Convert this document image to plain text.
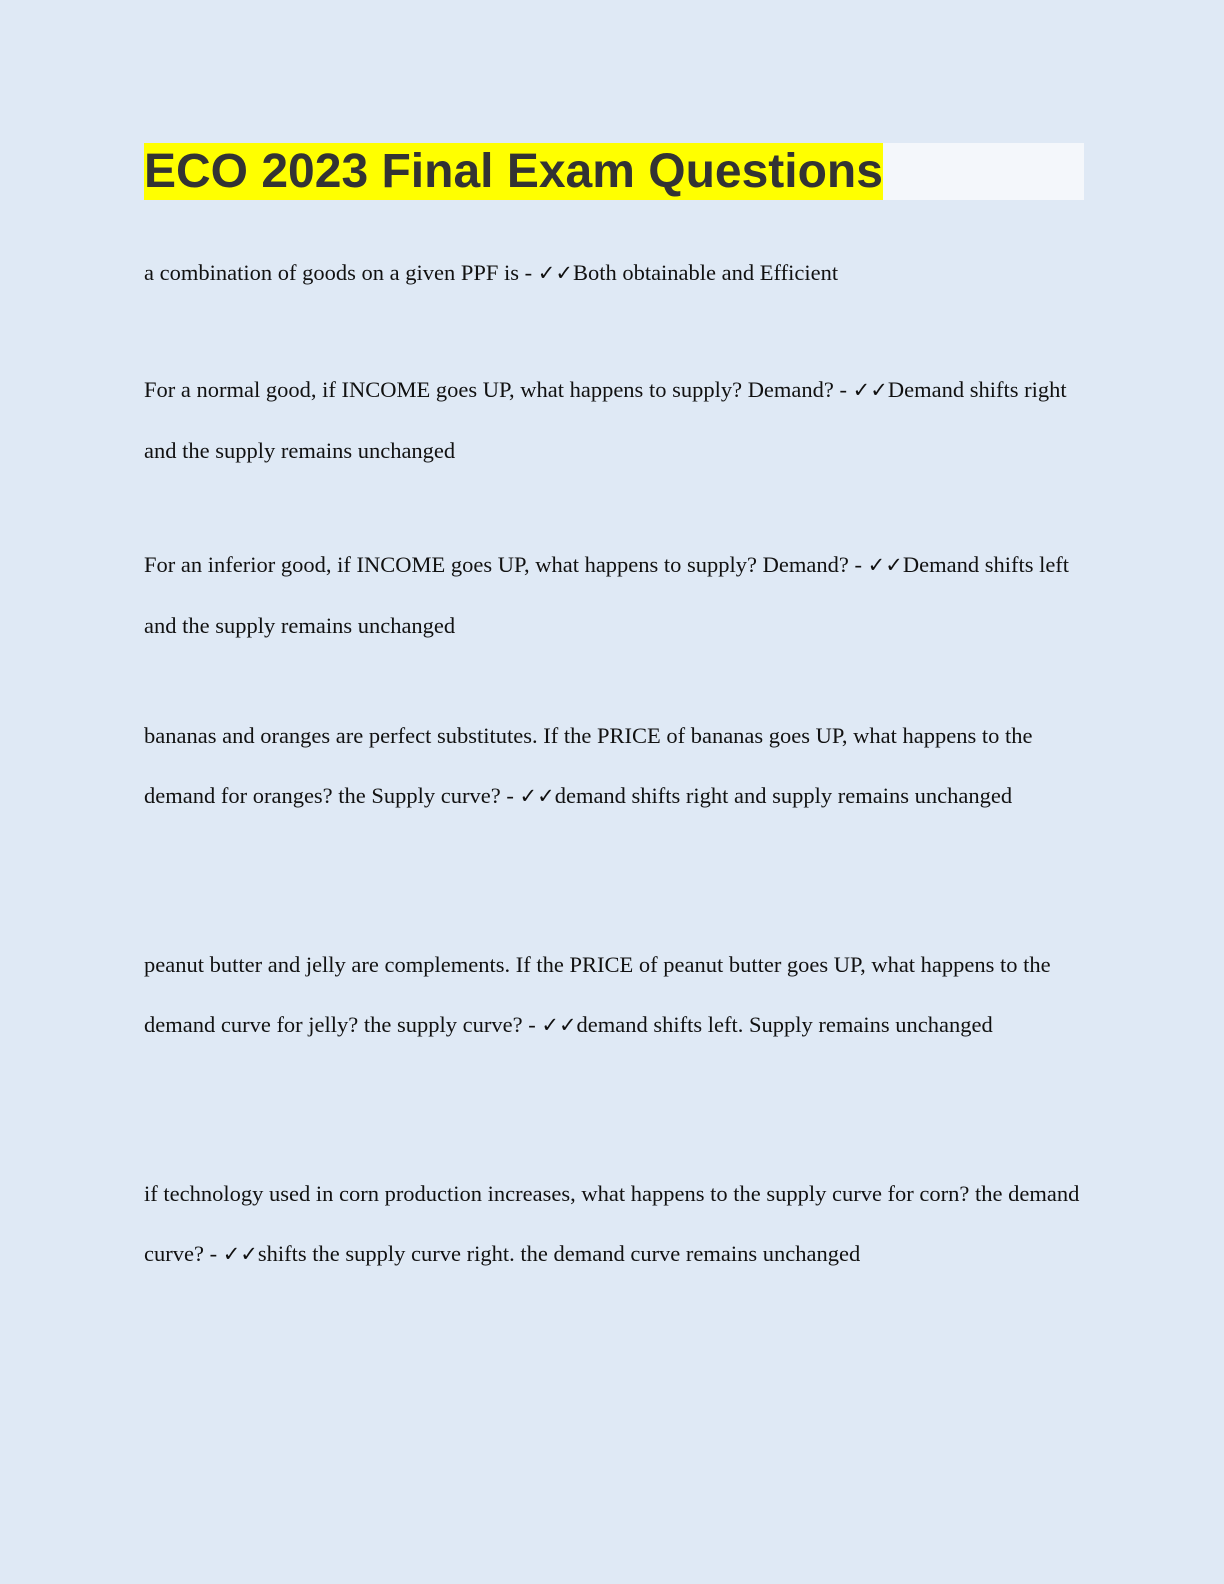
ECO 2023 Final Exam Questions

a combination of goods on a given PPF is - ✓✓Both obtainable and Efficient

For a normal good, if INCOME goes UP, what happens to supply? Demand? - ✓✓Demand shifts right and the supply remains unchanged

For an inferior good, if INCOME goes UP, what happens to supply? Demand? - ✓✓Demand shifts left and the supply remains unchanged

bananas and oranges are perfect substitutes. If the PRICE of bananas goes UP, what happens to the demand for oranges? the Supply curve? - ✓✓demand shifts right and supply remains unchanged

peanut butter and jelly are complements. If the PRICE of peanut butter goes UP, what happens to the demand curve for jelly? the supply curve? - ✓✓demand shifts left. Supply remains unchanged

if technology used in corn production increases, what happens to the supply curve for corn? the demand curve? - ✓✓shifts the supply curve right. the demand curve remains unchanged
